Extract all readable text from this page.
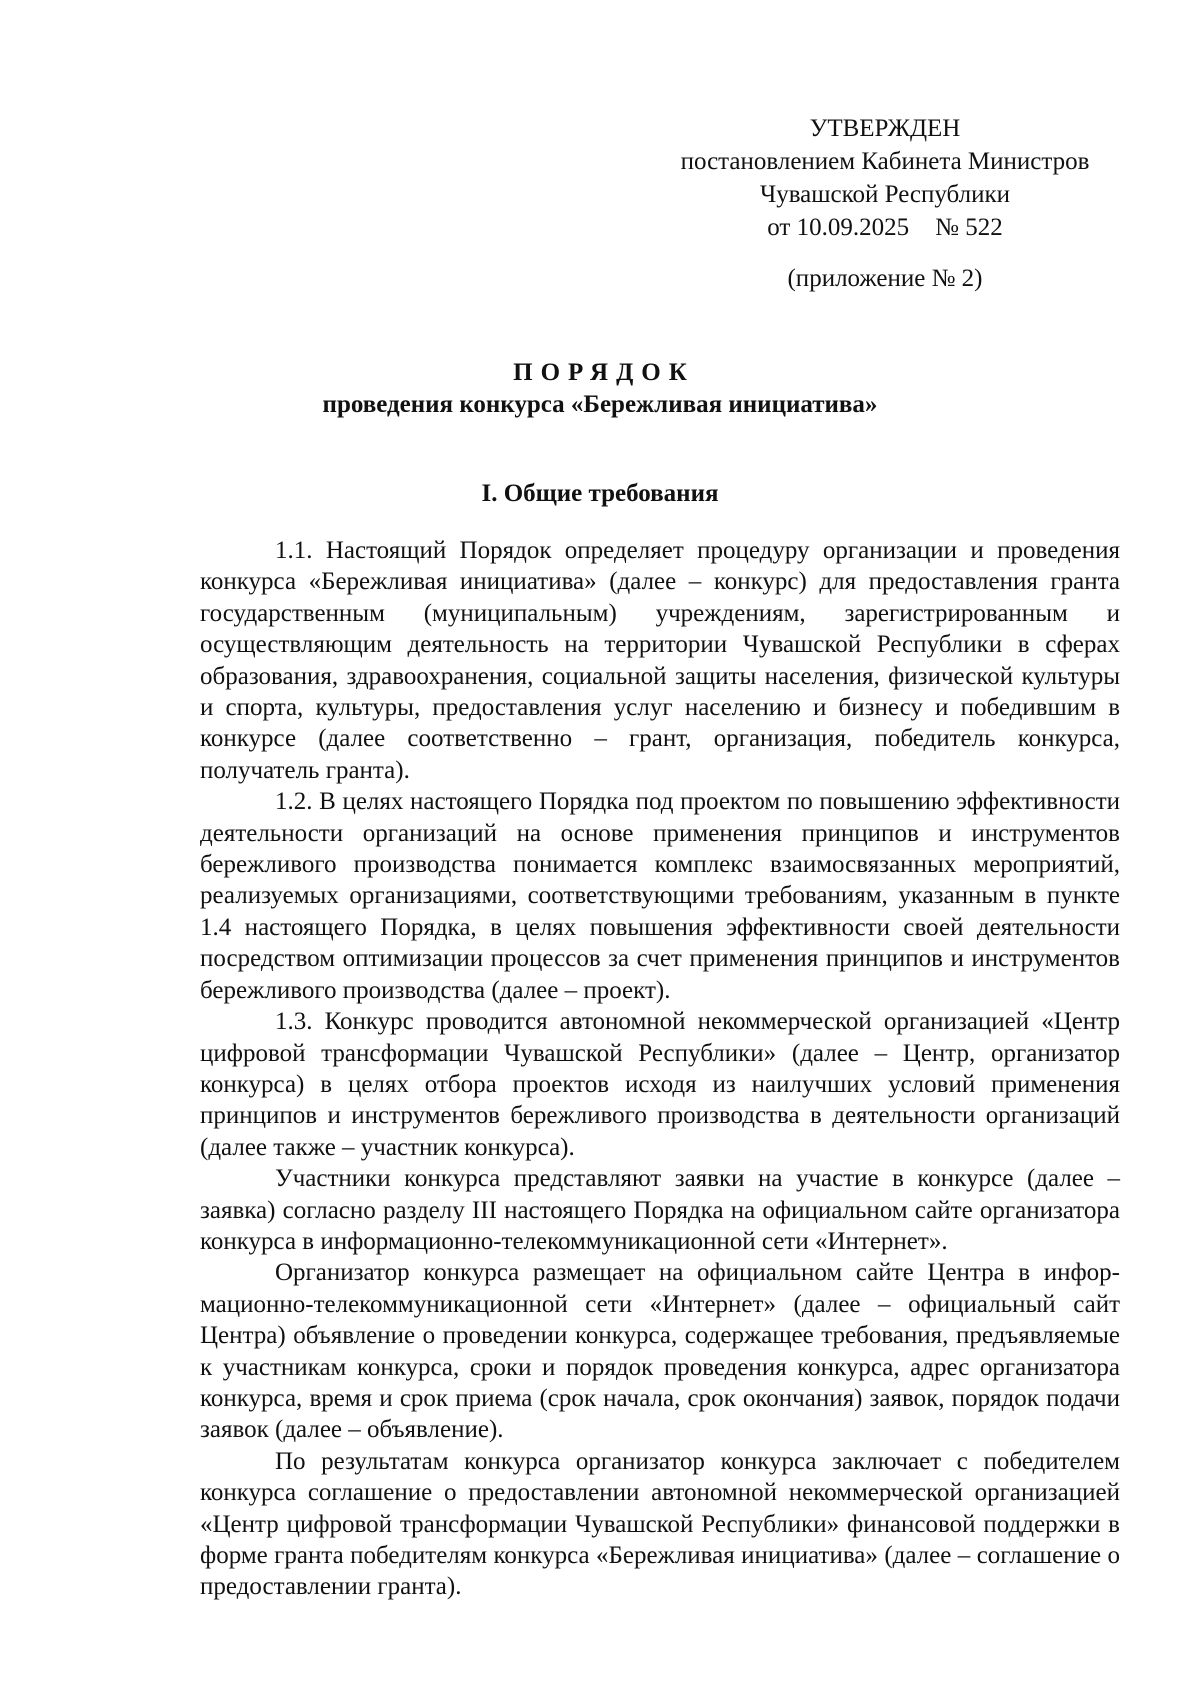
УТВЕРЖДЕН
постановлением Кабинета Министров
Чувашской Республики
от 10.09.2025 № 522
(приложение № 2)
ПОРЯДОК
проведения конкурса «Бережливая инициатива»
I. Общие требования

1.1. Настоящий Порядок определяет процедуру организации и проведения конкурса «Бережливая инициатива» (далее – конкурс) для предоставления гранта государственным (муниципальным) учреждениям, зарегистрированным и осуществляющим деятельность на территории Чувашской Республики в сферах образования, здравоохранения, социальной защиты населения, физической культуры и спорта, культуры, предоставления услуг населению и бизнесу и победившим в конкурсе (далее соответственно – грант, организация, победитель конкурса, получатель гранта).

1.2. В целях настоящего Порядка под проектом по повышению эффективности деятельности организаций на основе применения принципов и инструментов бережливого производства понимается комплекс взаимосвязанных мероприятий, реализуемых организациями, соответствующими требованиям, указанным в пункте 1.4 настоящего Порядка, в целях повышения эффективности своей деятельности посредством оптимизации процессов за счет применения принципов и инструментов бережливого производства (далее – проект).

1.3. Конкурс проводится автономной некоммерческой организацией «Центр цифровой трансформации Чувашской Республики» (далее – Центр, организатор конкурса) в целях отбора проектов исходя из наилучших условий применения принципов и инструментов бережливого производства в деятельности организаций (далее также – участник конкурса).

Участники конкурса представляют заявки на участие в конкурсе (далее – заявка) согласно разделу III настоящего Порядка на официальном сайте организатора конкурса в информационно-телекоммуникационной сети «Интернет».

Организатор конкурса размещает на официальном сайте Центра в информационно-телекоммуникационной сети «Интернет» (далее – официальный сайт Центра) объявление о проведении конкурса, содержащее требования, предъявляемые к участникам конкурса, сроки и порядок проведения конкурса, адрес организатора конкурса, время и срок приема (срок начала, срок окончания) заявок, порядок подачи заявок (далее – объявление).

По результатам конкурса организатор конкурса заключает с победителем конкурса соглашение о предоставлении автономной некоммерческой организацией «Центр цифровой трансформации Чувашской Республики» финансовой поддержки в форме гранта победителям конкурса «Бережливая инициатива» (далее – соглашение о предоставлении гранта).
